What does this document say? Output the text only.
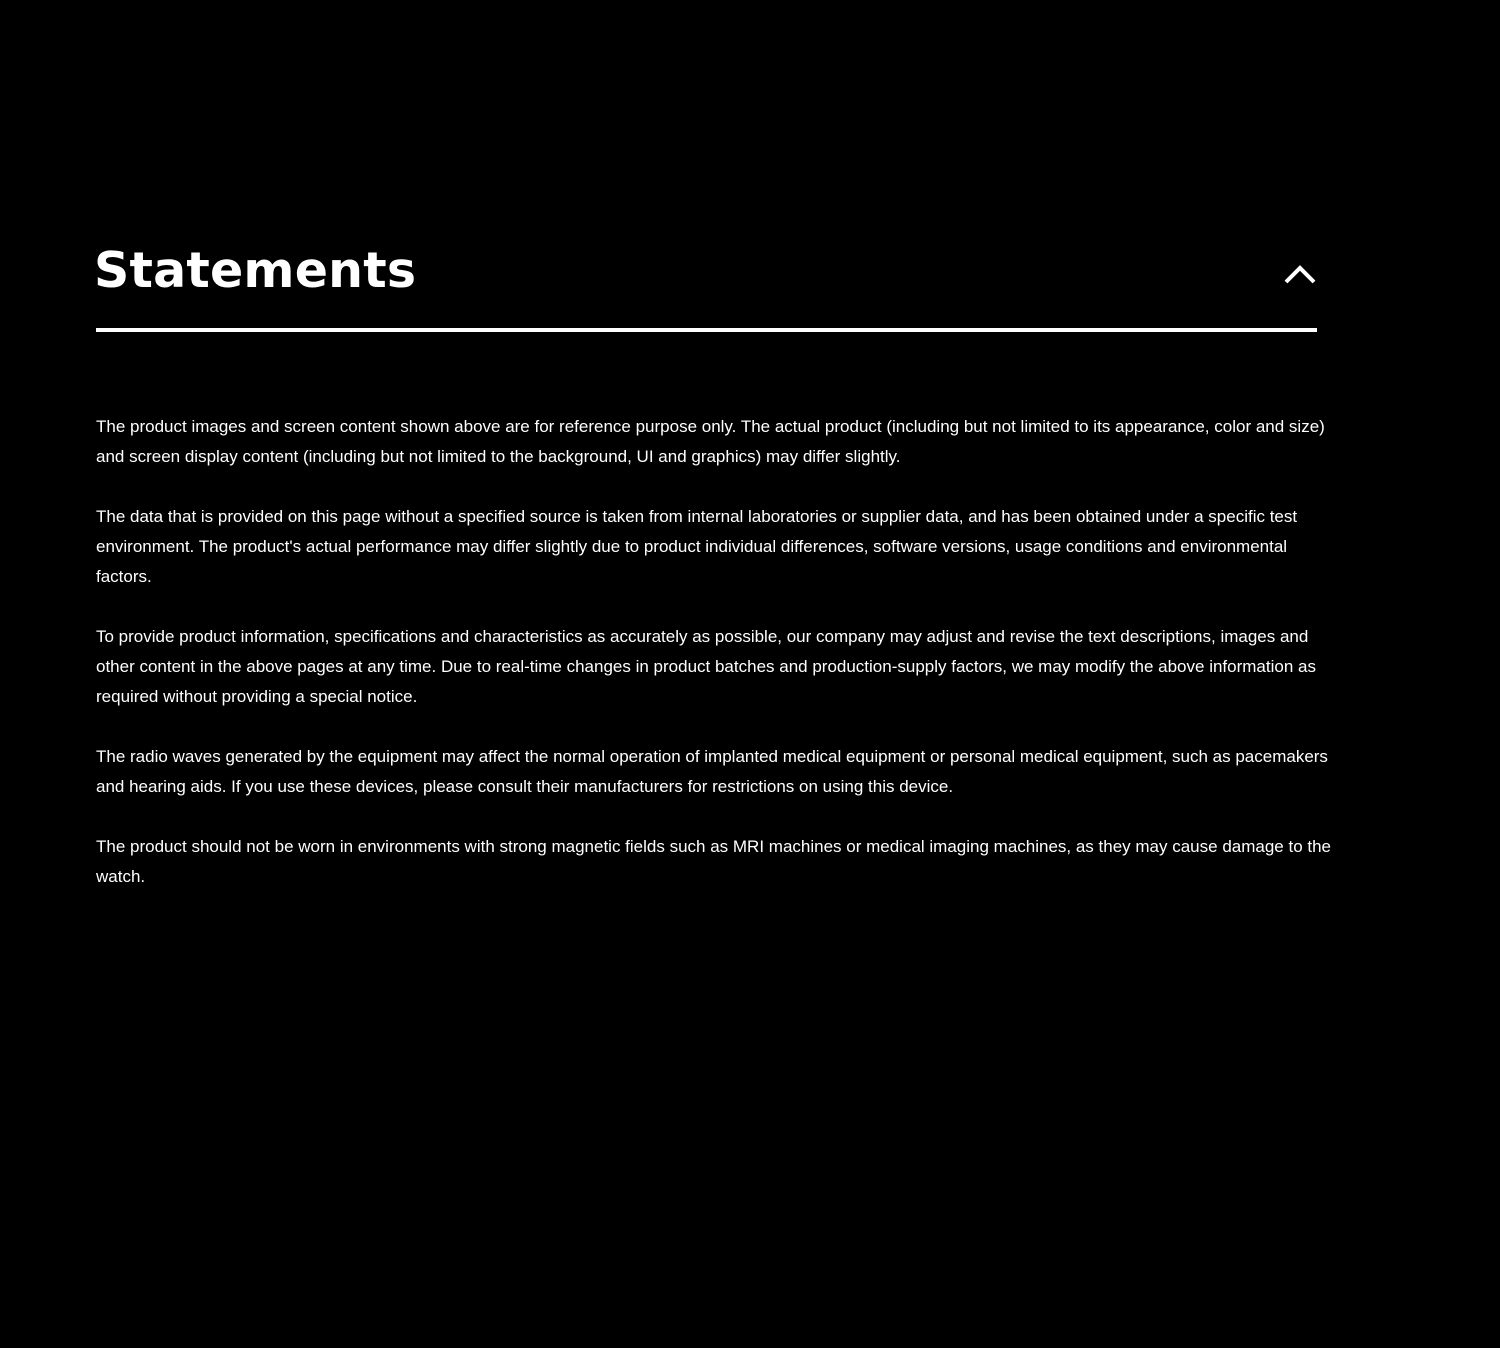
Statements

The product images and screen content shown above are for reference purpose only. The actual product (including but not limited to its appearance, color and size) and screen display content (including but not limited to the background, UI and graphics) may differ slightly.

The data that is provided on this page without a specified source is taken from internal laboratories or supplier data, and has been obtained under a specific test environment. The product's actual performance may differ slightly due to product individual differences, software versions, usage conditions and environmental factors.

To provide product information, specifications and characteristics as accurately as possible, our company may adjust and revise the text descriptions, images and other content in the above pages at any time. Due to real-time changes in product batches and production-supply factors, we may modify the above information as required without providing a special notice.

The radio waves generated by the equipment may affect the normal operation of implanted medical equipment or personal medical equipment, such as pacemakers and hearing aids. If you use these devices, please consult their manufacturers for restrictions on using this device.

The product should not be worn in environments with strong magnetic fields such as MRI machines or medical imaging machines, as they may cause damage to the watch.
